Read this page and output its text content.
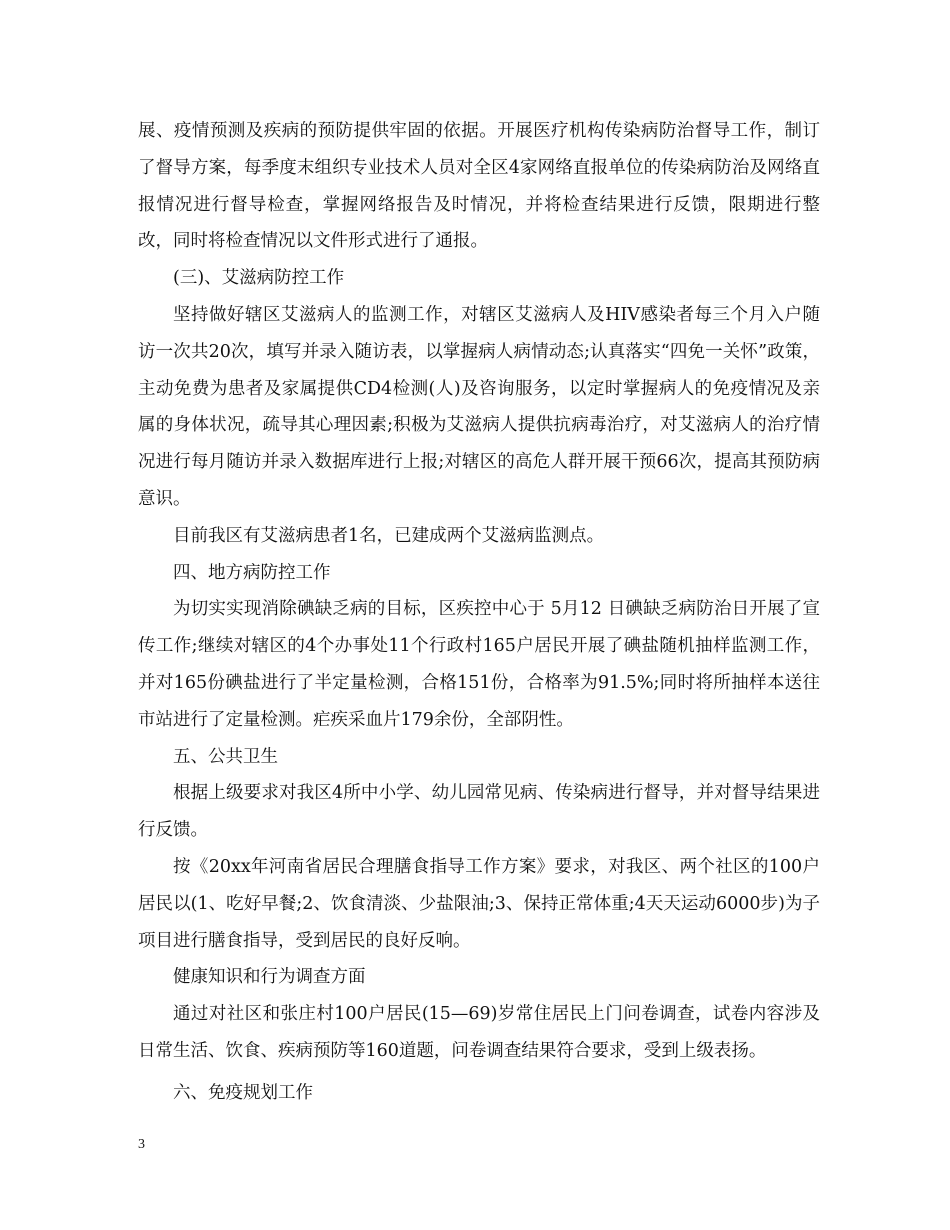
展、疫情预测及疾病的预防提供牢固的依据。开展医疗机构传染病防治督导工作，制订了督导方案，每季度末组织专业技术人员对全区4家网络直报单位的传染病防治及网络直报情况进行督导检查，掌握网络报告及时情况，并将检查结果进行反馈，限期进行整改，同时将检查情况以文件形式进行了通报。

(三)、艾滋病防控工作

坚持做好辖区艾滋病人的监测工作，对辖区艾滋病人及HIV感染者每三个月入户随访一次共20次，填写并录入随访表，以掌握病人病情动态;认真落实“四免一关怀”政策，主动免费为患者及家属提供CD4检测(人)及咨询服务，以定时掌握病人的免疫情况及亲属的身体状况，疏导其心理因素;积极为艾滋病人提供抗病毒治疗，对艾滋病人的治疗情况进行每月随访并录入数据库进行上报;对辖区的高危人群开展干预66次，提高其预防病意识。

目前我区有艾滋病患者1名，已建成两个艾滋病监测点。

四、地方病防控工作

为切实实现消除碘缺乏病的目标，区疾控中心于 5月12 日碘缺乏病防治日开展了宣传工作;继续对辖区的4个办事处11个行政村165户居民开展了碘盐随机抽样监测工作，并对165份碘盐进行了半定量检测，合格151份，合格率为91.5%;同时将所抽样本送往市站进行了定量检测。疟疾采血片179余份，全部阴性。

五、公共卫生

根据上级要求对我区4所中小学、幼儿园常见病、传染病进行督导，并对督导结果进行反馈。

按《20xx年河南省居民合理膳食指导工作方案》要求，对我区、两个社区的100户居民以(1、吃好早餐;2、饮食清淡、少盐限油;3、保持正常体重;4天天运动6000步)为子项目进行膳食指导，受到居民的良好反响。

健康知识和行为调查方面

通过对社区和张庄村100户居民(15—69)岁常住居民上门问卷调查，试卷内容涉及日常生活、饮食、疾病预防等160道题，问卷调查结果符合要求，受到上级表扬。

六、免疫规划工作

3
